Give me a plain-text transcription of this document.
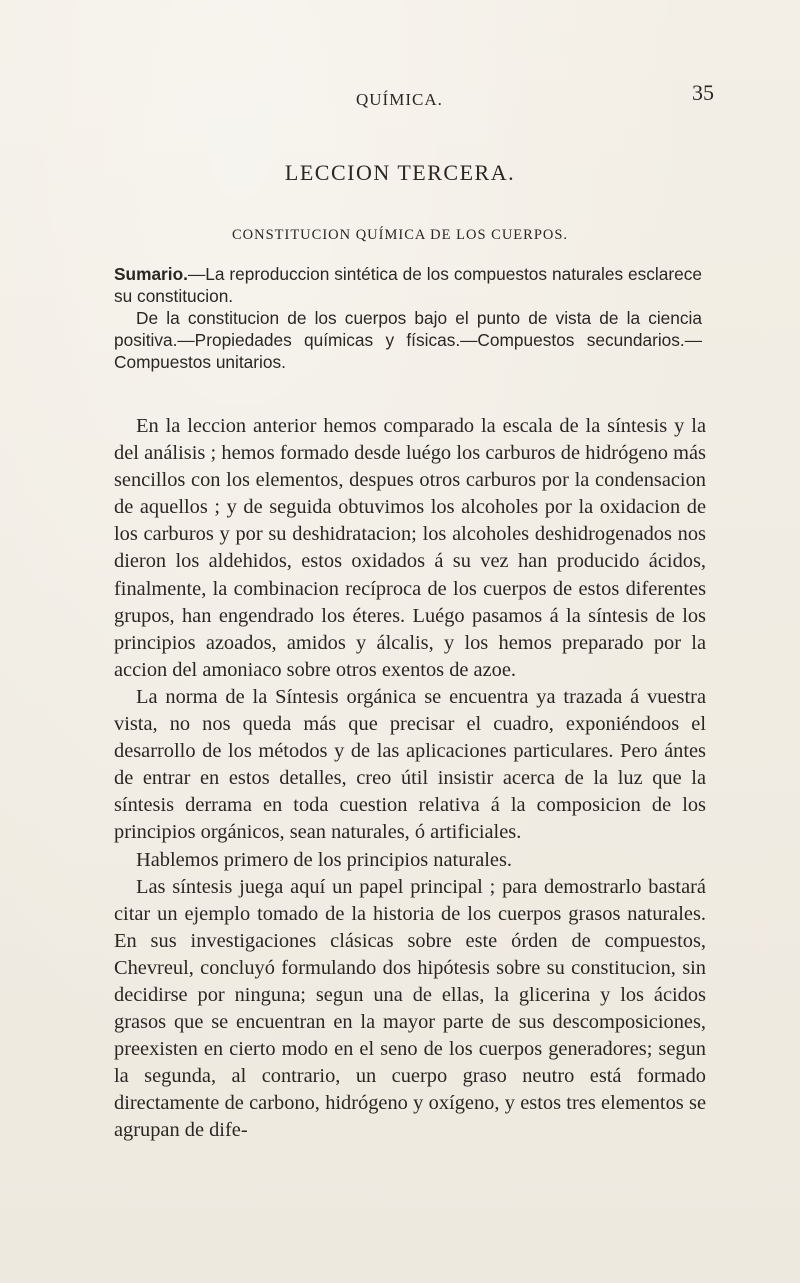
QUÍMICA.	35
LECCION TERCERA.
CONSTITUCION QUÍMICA DE LOS CUERPOS.

Sumario.—La reproduccion sintética de los compuestos naturales esclarece su constitucion.

De la constitucion de los cuerpos bajo el punto de vista de la ciencia positiva.—Propiedades químicas y físicas.—Compuestos secundarios.—Compuestos unitarios.

En la leccion anterior hemos comparado la escala de la síntesis y la del análisis ; hemos formado desde luégo los carburos de hidrógeno más sencillos con los elementos, despues otros carburos por la condensacion de aquellos ; y de seguida obtuvimos los alcoholes por la oxidacion de los carburos y por su deshidratacion; los alcoholes deshidrogenados nos dieron los aldehidos, estos oxidados á su vez han producido ácidos, finalmente, la combinacion recíproca de los cuerpos de estos diferentes grupos, han engendrado los éteres. Luégo pasamos á la síntesis de los principios azoados, amidos y álcalis, y los hemos preparado por la accion del amoniaco sobre otros exentos de azoe.

La norma de la Síntesis orgánica se encuentra ya trazada á vuestra vista, no nos queda más que precisar el cuadro, exponiéndoos el desarrollo de los métodos y de las aplicaciones particulares. Pero ántes de entrar en estos detalles, creo útil insistir acerca de la luz que la síntesis derrama en toda cuestion relativa á la composicion de los principios orgánicos, sean naturales, ó artificiales.

Hablemos primero de los principios naturales.

Las síntesis juega aquí un papel principal ; para demostrarlo bastará citar un ejemplo tomado de la historia de los cuerpos grasos naturales. En sus investigaciones clásicas sobre este órden de compuestos, Chevreul, concluyó formulando dos hipótesis sobre su constitucion, sin decidirse por ninguna; segun una de ellas, la glicerina y los ácidos grasos que se encuentran en la mayor parte de sus descomposiciones, preexisten en cierto modo en el seno de los cuerpos generadores; segun la segunda, al contrario, un cuerpo graso neutro está formado directamente de carbono, hidrógeno y oxígeno, y estos tres elementos se agrupan de dife-
